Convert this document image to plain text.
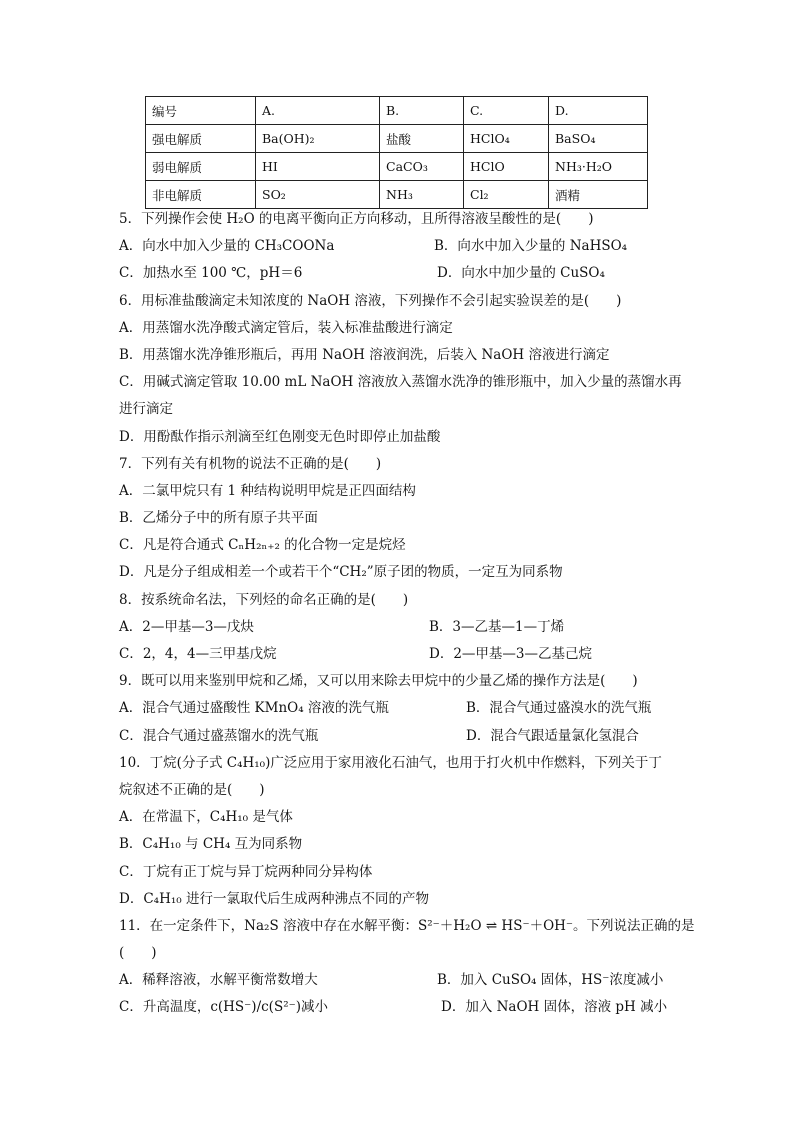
编号	A.	B.	C.	D.
强电解质	Ba(OH)₂	盐酸	HClO₄	BaSO₄
弱电解质	HI	CaCO₃	HClO	NH₃·H₂O
非电解质	SO₂	NH₃	Cl₂	酒精
5．下列操作会使 H₂O 的电离平衡向正方向移动，且所得溶液呈酸性的是(　　)
A．向水中加入少量的 CH₃COONa	B．向水中加入少量的 NaHSO₄
C．加热水至 100 ℃，pH＝6	D．向水中加少量的 CuSO₄
6．用标准盐酸滴定未知浓度的 NaOH 溶液，下列操作不会引起实验误差的是(　　)
A．用蒸馏水洗净酸式滴定管后，装入标准盐酸进行滴定
B．用蒸馏水洗净锥形瓶后，再用 NaOH 溶液润洗，后装入 NaOH 溶液进行滴定
C．用碱式滴定管取 10.00 mL NaOH 溶液放入蒸馏水洗净的锥形瓶中，加入少量的蒸馏水再
进行滴定
D．用酚酞作指示剂滴至红色刚变无色时即停止加盐酸
7．下列有关有机物的说法不正确的是(　　)
A．二氯甲烷只有 1 种结构说明甲烷是正四面结构
B．乙烯分子中的所有原子共平面
C．凡是符合通式 CₙH₂ₙ₊₂ 的化合物一定是烷烃
D．凡是分子组成相差一个或若干个“CH₂”原子团的物质，一定互为同系物
8．按系统命名法，下列烃的命名正确的是(　　)
A．2—甲基—3—戊炔	B．3—乙基—1—丁烯
C．2，4，4—三甲基戊烷	D．2—甲基—3—乙基己烷
9．既可以用来鉴别甲烷和乙烯，又可以用来除去甲烷中的少量乙烯的操作方法是(　　)
A．混合气通过盛酸性 KMnO₄ 溶液的洗气瓶	B．混合气通过盛溴水的洗气瓶
C．混合气通过盛蒸馏水的洗气瓶	D．混合气跟适量氯化氢混合
10．丁烷(分子式 C₄H₁₀)广泛应用于家用液化石油气，也用于打火机中作燃料，下列关于丁
烷叙述不正确的是(　　)
A．在常温下，C₄H₁₀ 是气体
B．C₄H₁₀ 与 CH₄ 互为同系物
C．丁烷有正丁烷与异丁烷两种同分异构体
D．C₄H₁₀ 进行一氯取代后生成两种沸点不同的产物
11．在一定条件下，Na₂S 溶液中存在水解平衡：S²⁻＋H₂O ⇌ HS⁻＋OH⁻。下列说法正确的是
(　　)
A．稀释溶液，水解平衡常数增大	B．加入 CuSO₄ 固体，HS⁻浓度减小
C．升高温度，c(HS⁻)/c(S²⁻)减小	D．加入 NaOH 固体，溶液 pH 减小
